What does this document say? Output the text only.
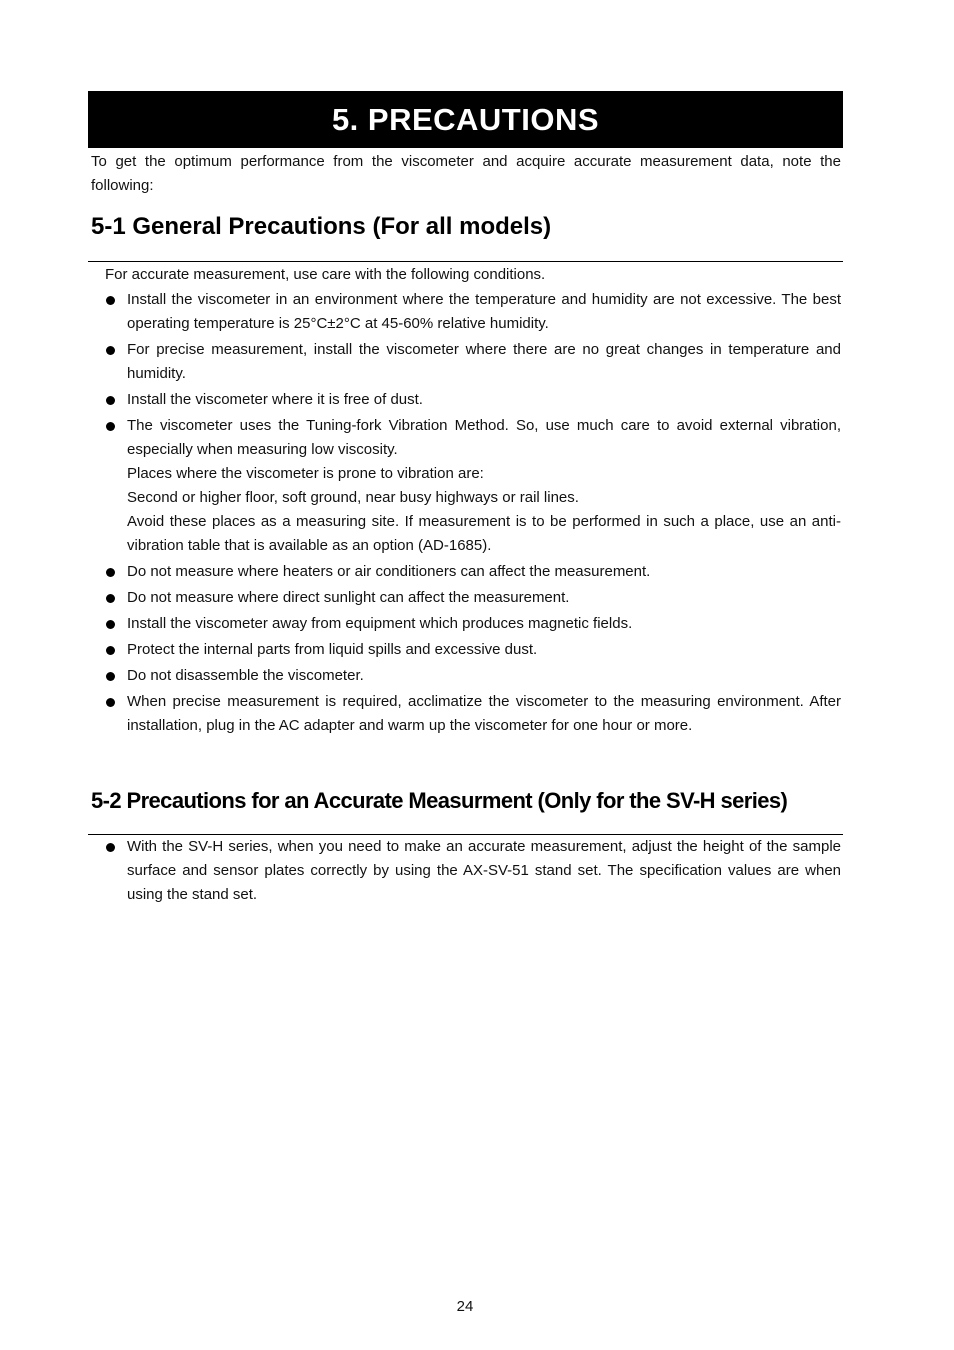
5. PRECAUTIONS
To get the optimum performance from the viscometer and acquire accurate measurement data, note the following:
5-1 General Precautions (For all models)
For accurate measurement, use care with the following conditions.
Install the viscometer in an environment where the temperature and humidity are not excessive. The best operating temperature is 25°C±2°C at 45-60% relative humidity.
For precise measurement, install the viscometer where there are no great changes in temperature and humidity.
Install the viscometer where it is free of dust.
The viscometer uses the Tuning-fork Vibration Method. So, use much care to avoid external vibration, especially when measuring low viscosity.
Places where the viscometer is prone to vibration are:
Second or higher floor, soft ground, near busy highways or rail lines.
Avoid these places as a measuring site. If measurement is to be performed in such a place, use an anti-vibration table that is available as an option (AD-1685).
Do not measure where heaters or air conditioners can affect the measurement.
Do not measure where direct sunlight can affect the measurement.
Install the viscometer away from equipment which produces magnetic fields.
Protect the internal parts from liquid spills and excessive dust.
Do not disassemble the viscometer.
When precise measurement is required, acclimatize the viscometer to the measuring environment. After installation, plug in the AC adapter and warm up the viscometer for one hour or more.
5-2 Precautions for an Accurate Measurment (Only for the SV-H series)
With the SV-H series, when you need to make an accurate measurement, adjust the height of the sample surface and sensor plates correctly by using the AX-SV-51 stand set. The specification values are when using the stand set.
24
